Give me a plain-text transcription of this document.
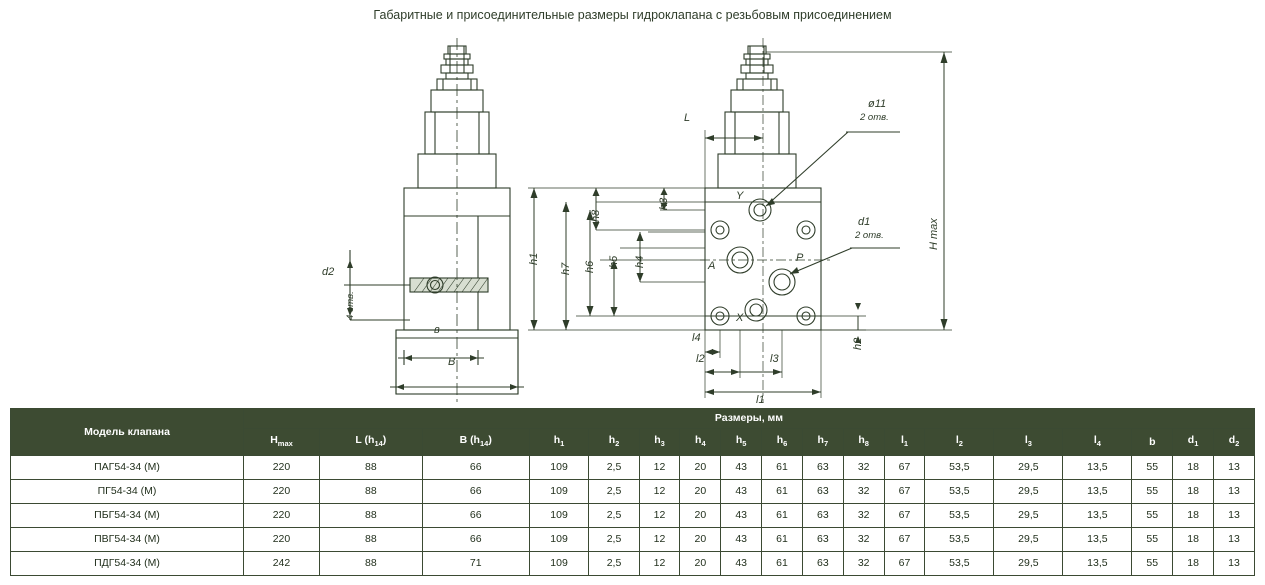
Габаритные и присоединительные размеры гидроклапана с резьбовым присоединением
ø11
2 отв.
d1
2 отв.
d2
4 отв.
в
B
H max
h1
h7 h6 h5 h4
h3
h8
h2
L
l1
l2	l3
l4
Y
A
P
X
Модель клапана	Размеры, мм																	
	$H_{max}$	L $(h_{14})$	B $(h_{14})$	$h_1$	$h_2$	$h_3$	$h_4$	$h_5$	$h_6$	$h_7$	$h_8$	$l_1$	$l_2$	$l_3$	$l_4$	b	$d_1$	$d_2$
ПАГ54-34 (М)	220	88	66	109	2,5	12	20	43	61	63	32	67	53,5	29,5	13,5	55	18	13
ПГ54-34 (М)	220	88	66	109	2,5	12	20	43	61	63	32	67	53,5	29,5	13,5	55	18	13
ПБГ54-34 (М)	220	88	66	109	2,5	12	20	43	61	63	32	67	53,5	29,5	13,5	55	18	13
ПВГ54-34 (М)	220	88	66	109	2,5	12	20	43	61	63	32	67	53,5	29,5	13,5	55	18	13
ПДГ54-34 (М)	242	88	71	109	2,5	12	20	43	61	63	32	67	53,5	29,5	13,5	55	18	13
